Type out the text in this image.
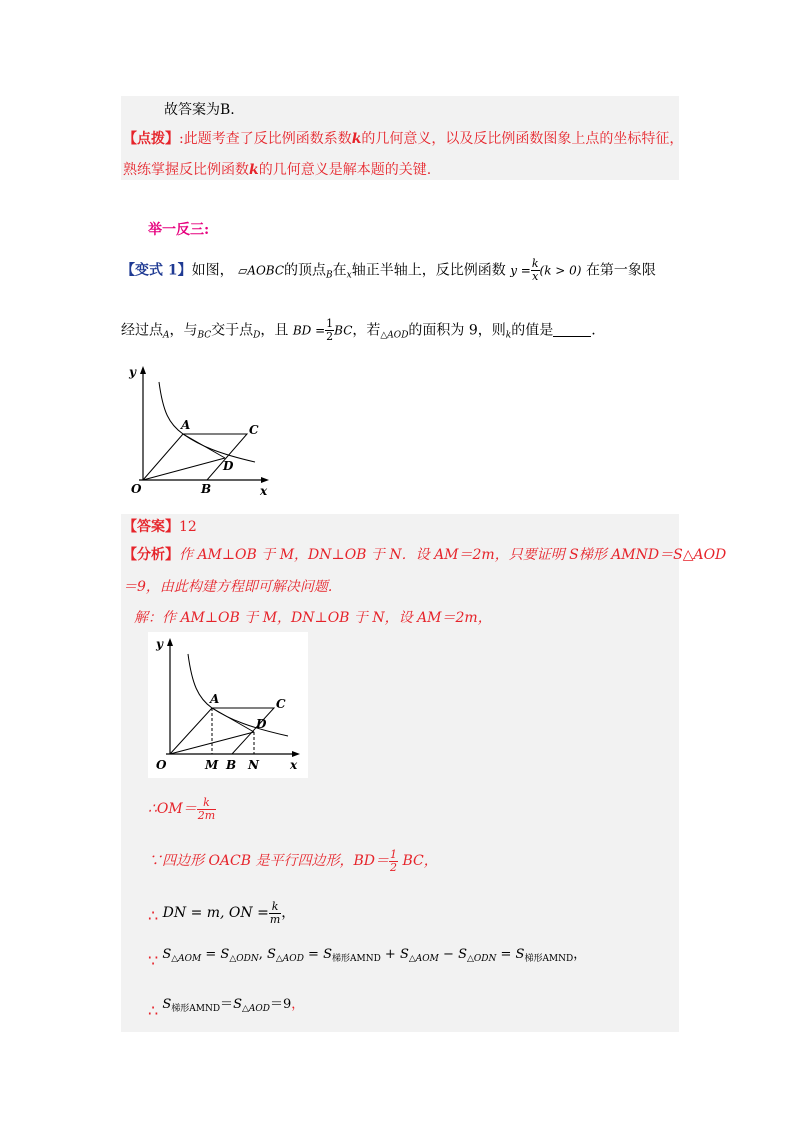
故答案为B.
【点拨】:此题考查了反比例函数系数k的几何意义，以及反比例函数图象上点的坐标特征，
熟练掌握反比例函数k的几何意义是解本题的关键.
举一反三:
【变式 1】如图， ▱AOBC的顶点$_B$在$_x$轴正半轴上，反比例函数 $y = \frac{k}{x} (k > 0)$ 在第一象限
经过点$_A$，与$_{BC}$交于点$_D$，且 BD = $\frac{1}{2}$ BC，若$_{\triangle AOD}$的面积为 9，则$_k$的值是	.
y
x
O
A	C
D
B
【答案】12
【分析】作 AM⊥OB 于 M，DN⊥OB 于 N．设 AM＝2m，只要证明 S梯形 AMND＝S△AOD
＝9，由此构建方程即可解决问题.
解：作 AM⊥OB 于 M，DN⊥OB 于 N，设 AM＝2m，
y
x
O
A	C
D
M B N
∴OM＝ $\frac{k}{2m}$
∵四边形 OACB 是平行四边形，$BD= \frac{1}{2}$ BC，
∴ DN = m, ON = $\frac{k}{m}$ ，
∵ $S_{\triangle AOM} = S_{\triangle ODN}$, $S_{\triangle AOD} = S_{梯形AMND} + S_{\triangle AOM} - S_{\triangle ODN} = S_{梯形AMND}$，
∴ $S_{梯形AMND}=S_{\triangle AOD}=9$，
